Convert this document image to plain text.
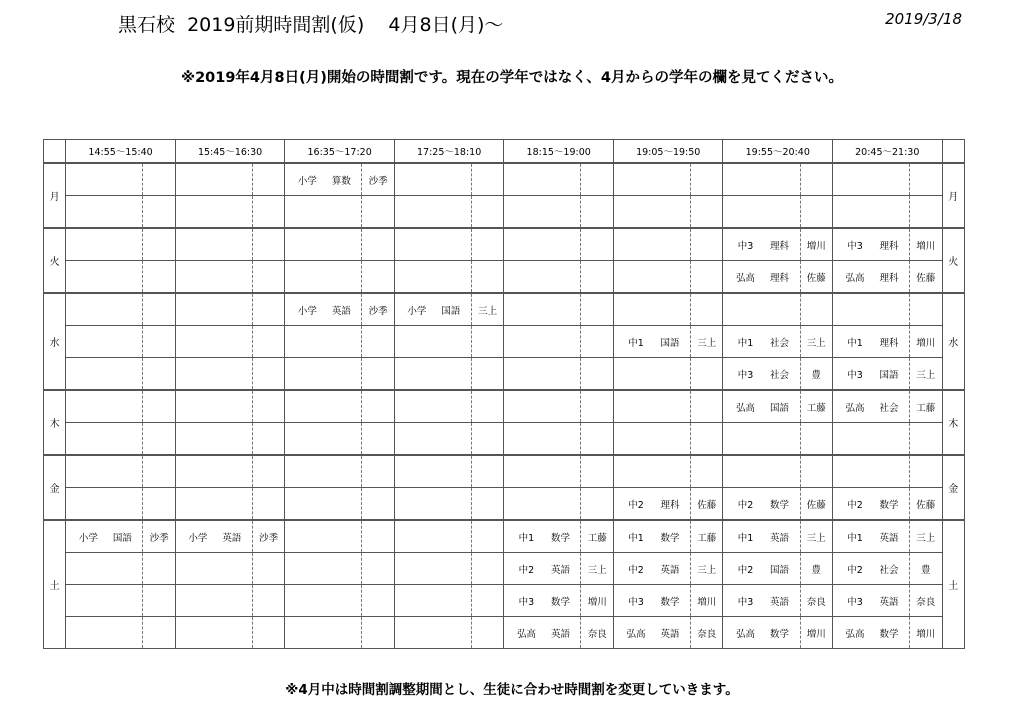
黒石校  2019前期時間割(仮)    4月8日(月)〜	2019/3/18
※2019年4月8日(月)開始の時間割です。現在の学年ではなく、4月からの学年の欄を見てください。
	14:55〜15:40		15:45〜16:30		16:35〜17:20		17:25〜18:10		18:15〜19:00		19:05〜19:50		19:55〜20:40		20:45〜21:30		
月					小学 算数	沙季											月

火													中3 理科	増川	中3 理科	増川	火
													弘高 理科	佐藤	弘高 理科	佐藤	
水					小学 英語	沙季	小学 国語	三上									水
											中1 国語	三上	中1 社会	三上	中1 理科	増川	
													中3 社会	豊	中3 国語	三上	
木													弘高 国語	工藤	弘高 社会	工藤	木

金																	金
											中2 理科	佐藤	中2 数学	佐藤	中2 数学	佐藤	
土	小学 国語	沙季	小学 英語	沙季					中1 数学	工藤	中1 数学	工藤	中1 英語	三上	中1 英語	三上	土
									中2 英語	三上	中2 英語	三上	中2 国語	豊	中2 社会	豊	
									中3 数学	増川	中3 数学	増川	中3 英語	奈良	中3 英語	奈良	
									弘高 英語	奈良	弘高 英語	奈良	弘高 数学	増川	弘高 数学	増川	
※4月中は時間割調整期間とし、生徒に合わせ時間割を変更していきます。
